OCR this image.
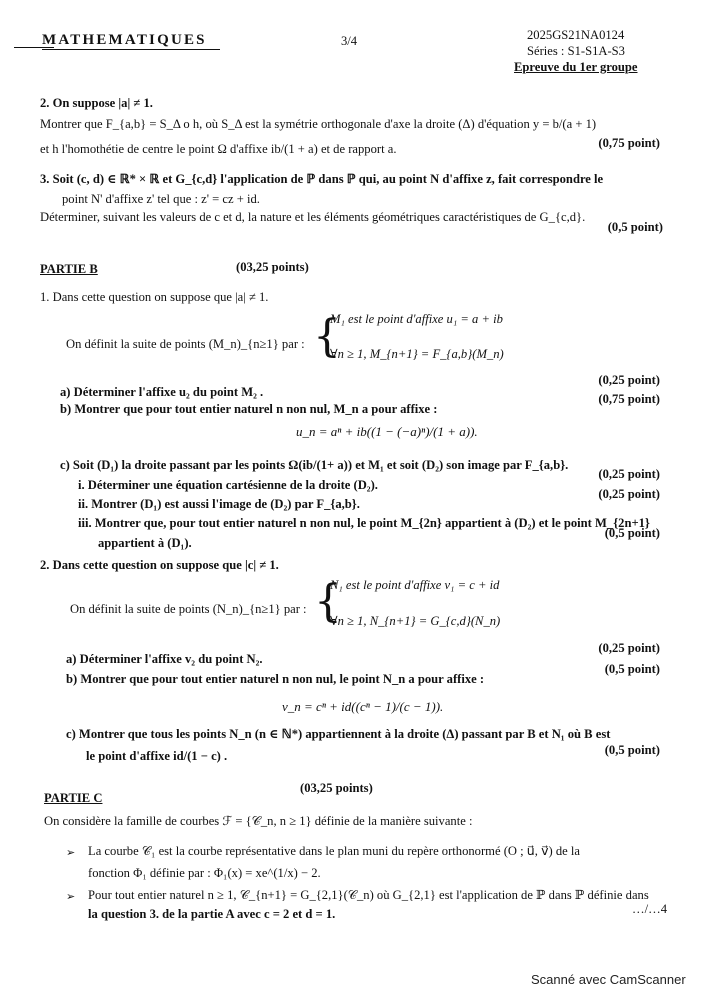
MATHEMATIQUES	3/4	2025GS21NA0124
Séries : S1-S1A-S3
Epreuve du 1er groupe
2. On suppose |a| ≠ 1.
Montrer que F_{a,b} = S_Δ o h, où S_Δ est la symétrie orthogonale d'axe la droite (Δ) d'équation y = b/(a + 1)
et h l'homothétie de centre le point Ω d'affixe ib/(1 + a) et de rapport a.	(0,75 point)
3. Soit (c, d) ∈ ℝ* × ℝ et G_{c,d} l'application de ℙ dans ℙ qui, au point N d'affixe z, fait correspondre le
point N' d'affixe z' tel que : z' = cz + id.
Déterminer, suivant les valeurs de c et d, la nature et les éléments géométriques caractéristiques de G_{c,d}.
(0,5 point)
PARTIE B	(03,25 points)
1. Dans cette question on suppose que |a| ≠ 1.
On définit la suite de points (M_n)_{n≥1} par : {
M₁ est le point d'affixe u₁ = a + ib
∀n ≥ 1, M_{n+1} = F_{a,b}(M_n)
a) Déterminer l'affixe u₂ du point M₂ .
(0,25 point)
b) Montrer que pour tout entier naturel n non nul, M_n a pour affixe :
(0,75 point)
u_n = aⁿ + ib((1 − (−a)ⁿ)/(1 + a)).
c) Soit (D₁) la droite passant par les points Ω(ib/(1+ a)) et M₁ et soit (D₂) son image par F_{a,b}.
i. Déterminer une équation cartésienne de la droite (D₂).
(0,25 point)
ii. Montrer (D₁) est aussi l'image de (D₂) par F_{a,b}.
(0,25 point)
iii. Montrer que, pour tout entier naturel n non nul, le point M_{2n} appartient à (D₂) et le point M_{2n+1}
appartient à (D₁).
(0,5 point)
2. Dans cette question on suppose que |c| ≠ 1.
On définit la suite de points (N_n)_{n≥1} par : {
N₁ est le point d'affixe v₁ = c + id
∀n ≥ 1, N_{n+1} = G_{c,d}(N_n)
a) Déterminer l'affixe v₂ du point N₂.
(0,25 point)
b) Montrer que pour tout entier naturel n non nul, le point N_n a pour affixe :
(0,5 point)
v_n = cⁿ + id((cⁿ − 1)/(c − 1)).
c) Montrer que tous les points N_n (n ∈ ℕ*) appartiennent à la droite (Δ) passant par B et N₁ où B est
le point d'affixe id/(1 − c) .	(0,5 point)
PARTIE C
(03,25 points)
On considère la famille de courbes ℱ = {𝒞_n, n ≥ 1} définie de la manière suivante :
➢ La courbe 𝒞₁ est la courbe représentative dans le plan muni du repère orthonormé (O ; u⃗, v⃗) de la
fonction Φ₁ définie par : Φ₁(x) = xe^(1/x) − 2.
➢ Pour tout entier naturel n ≥ 1, 𝒞_{n+1} = G_{2,1}(𝒞_n) où G_{2,1} est l'application de ℙ dans ℙ définie dans
la question 3. de la partie A avec c = 2 et d = 1.	…/…4
Scanné avec CamScanner
